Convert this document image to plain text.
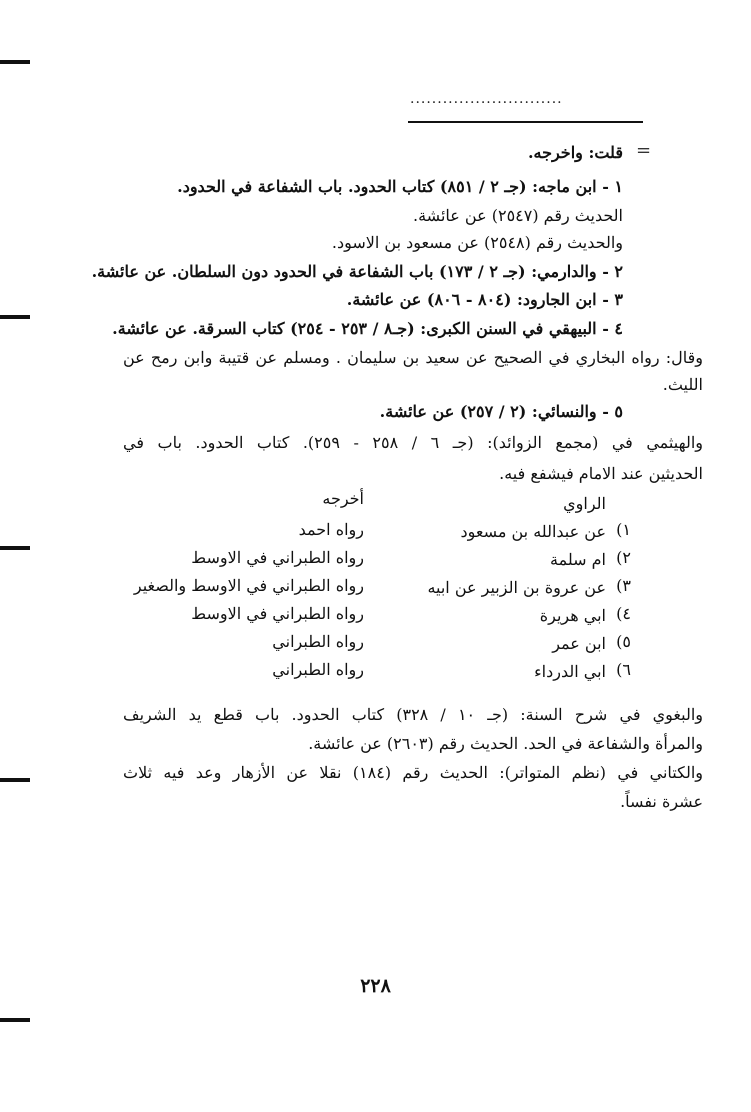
............................
=
قلت: واخرجه.
١ - ابن ماجه: (جـ ٢ / ٨٥١) كتاب الحدود. باب الشفاعة في الحدود.
الحديث رقم (٢٥٤٧) عن عائشة.
والحديث رقم (٢٥٤٨) عن مسعود بن الاسود.
٢ - والدارمي: (جـ ٢ / ١٧٣) باب الشفاعة في الحدود دون السلطان. عن عائشة.
٣ - ابن الجارود: (٨٠٤ - ٨٠٦) عن عائشة.
٤ - البيهقي في السنن الكبرى: (جـ٨ / ٢٥٣ - ٢٥٤) كتاب السرقة. عن عائشة.
وقال: رواه البخاري في الصحيح عن سعيد بن سليمان . ومسلم عن قتيبة وابن رمح عن
الليث.
٥ - والنسائي: (٢ / ٢٥٧) عن عائشة.
والهيثمي في (مجمع الزوائد): (جـ ٦ / ٢٥٨ - ٢٥٩). كتاب الحدود. باب في
الحديثين عند الامام فيشفع فيه.
الراوي
أخرجه
١)
عن عبدالله بن مسعود
رواه احمد
٢)
ام سلمة
رواه الطبراني في الاوسط
٣)
عن عروة بن الزبير عن ابيه
رواه الطبراني في الاوسط والصغير
٤)
ابي هريرة
رواه الطبراني في الاوسط
٥)
ابن عمر
رواه الطبراني
٦)
ابي الدرداء
رواه الطبراني
والبغوي في شرح السنة: (جـ ١٠ / ٣٢٨) كتاب الحدود. باب قطع يد الشريف
والمرأة والشفاعة في الحد. الحديث رقم (٢٦٠٣) عن عائشة.
والكتاني في (نظم المتواتر): الحديث رقم (١٨٤) نقلا عن الأزهار وعد فيه ثلاث
عشرة نفساً.
٢٢٨
